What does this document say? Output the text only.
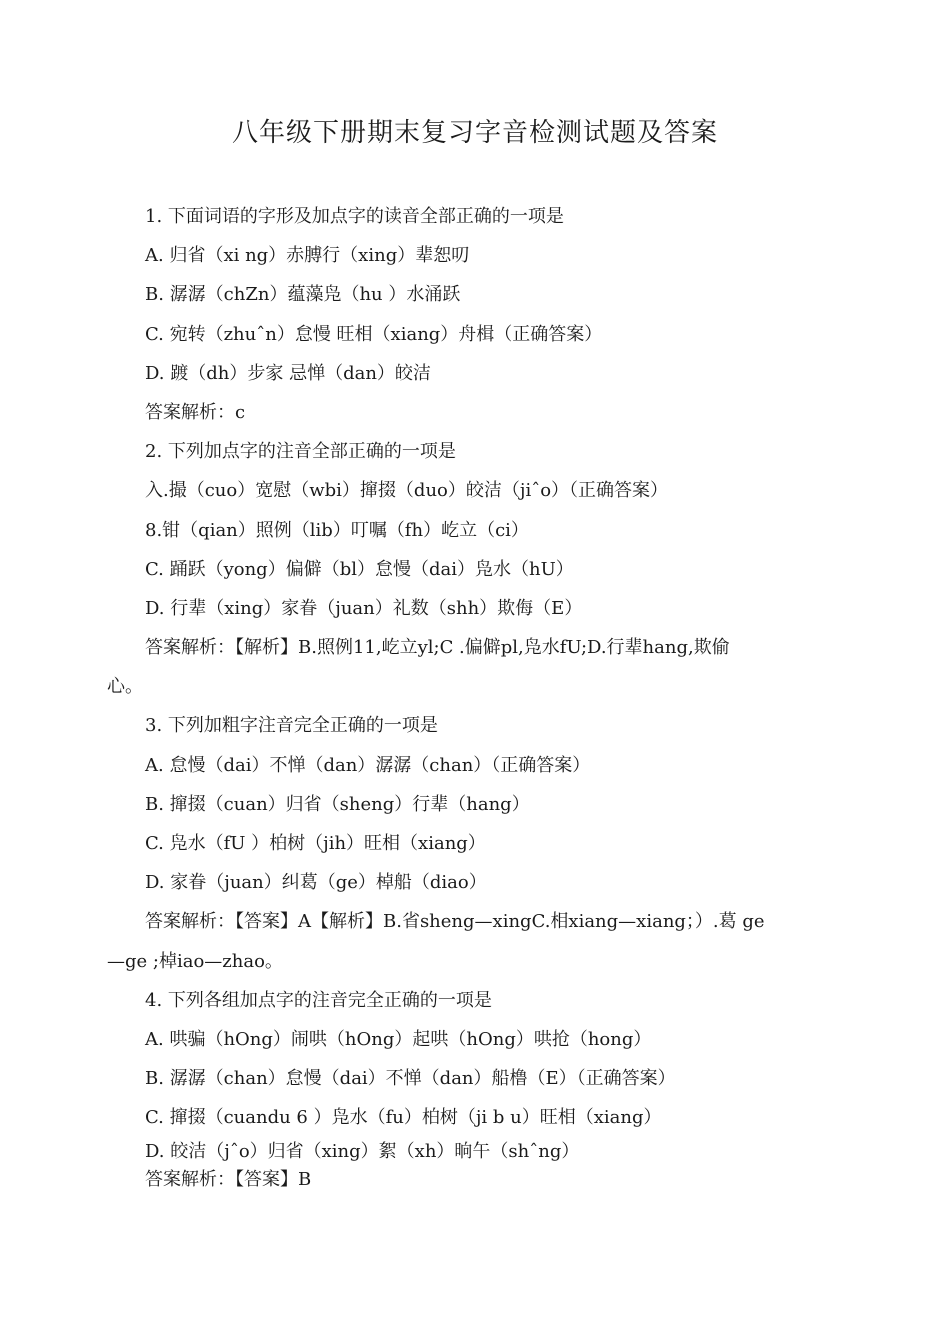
八年级下册期末复习字音检测试题及答案
1. 下面词语的字形及加点字的读音全部正确的一项是
A. 归省（xi ng）赤膊行（xing）辈恕叨
B. 潺潺（chZn）蕴藻凫（hu ）水涌跃
C. 宛转（zhuˆn）怠慢 旺相（xiang）舟楫（正确答案）
D. 踱（dh）步家 忌惮（dan）皎洁
答案解析：c
2. 下列加点字的注音全部正确的一项是
入.撮（cuo）宽慰（wbi）撺掇（duo）皎洁（jiˆo）（正确答案）
8.钳（qian）照例（lib）叮嘱（fh）屹立（ci）
C. 踊跃（yong）偏僻（bl）怠慢（dai）凫水（hU）
D. 行辈（xing）家眷（juan）礼数（shh）欺侮（E）
答案解析：【解析】B.照例11,屹立yl;C .偏僻pl,凫水fU;D.行辈hang,欺偷
心。
3. 下列加粗字注音完全正确的一项是
A. 怠慢（dai）不惮（dan）潺潺（chan）（正确答案）
B. 撺掇（cuan）归省（sheng）行辈（hang）
C. 凫水（fU ）柏树（jih）旺相（xiang）
D. 家眷（juan）纠葛（ge）棹船（diao）
答案解析：【答案】A【解析】B.省sheng—xingC.相xiang—xiang；）.葛 ge
—ge ;棹iao—zhao。
4. 下列各组加点字的注音完全正确的一项是
A. 哄骗（hOng）闹哄（hOng）起哄（hOng）哄抢（hong）
B. 潺潺（chan）怠慢（dai）不惮（dan）船橹（E）（正确答案）
C. 撺掇（cuandu 6 ）凫水（fu）柏树（ji b u）旺相（xiang）
D. 皎洁（jˆo）归省（xing）絮（xh）晌午（shˆng）
答案解析：【答案】B
